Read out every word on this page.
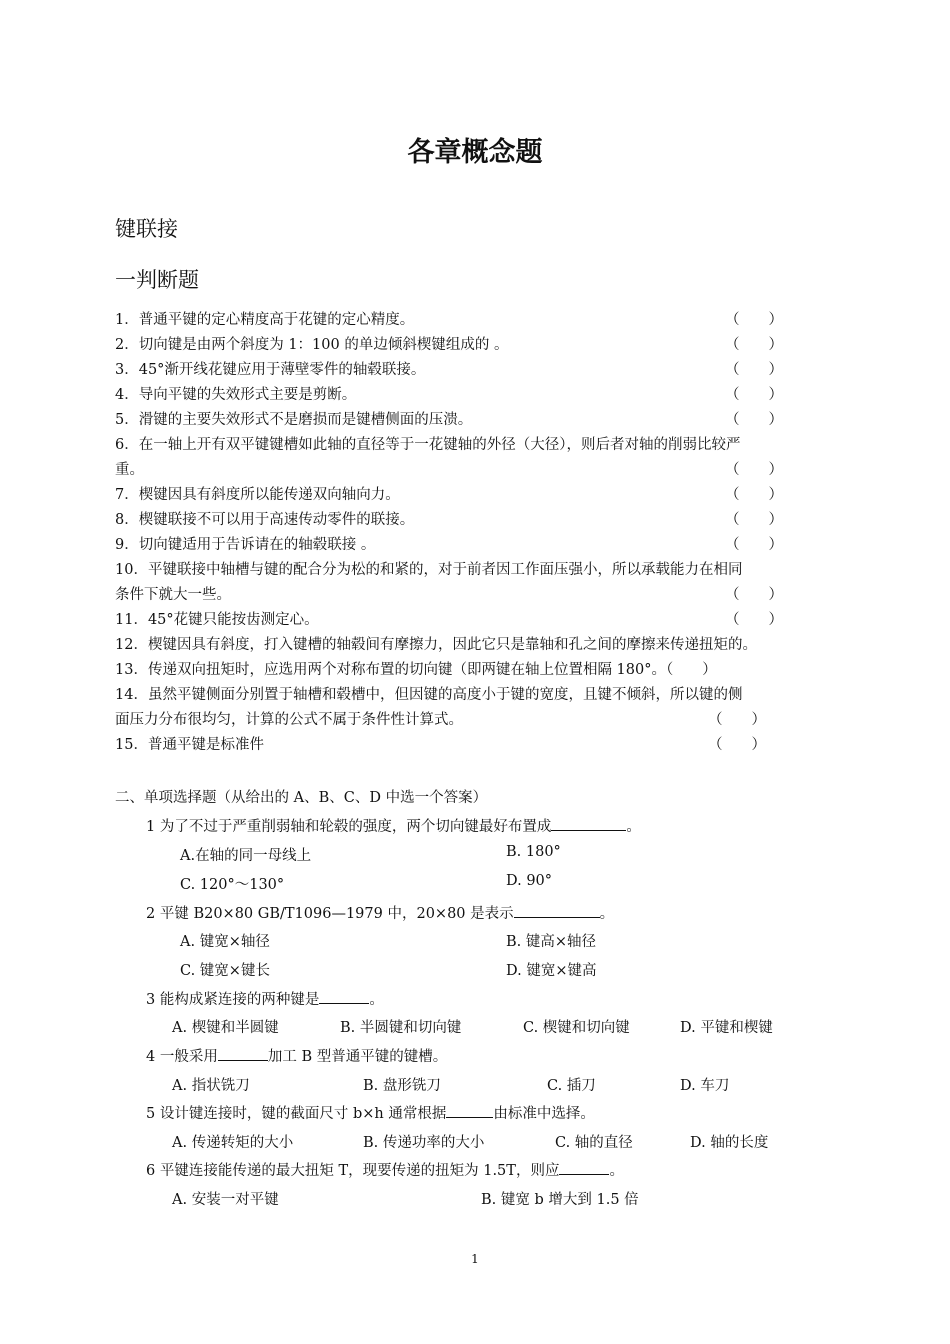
各章概念题
键联接
一判断题
1．普通平键的定心精度高于花键的定心精度。	（　　）
2．切向键是由两个斜度为 1：100 的单边倾斜楔键组成的 。	（　　）
3．45°渐开线花键应用于薄壁零件的轴毂联接。	（　　）
4．导向平键的失效形式主要是剪断。	（　　）
5．滑键的主要失效形式不是磨损而是键槽侧面的压溃。	（　　）
6．在一轴上开有双平键键槽如此轴的直径等于一花键轴的外径（大径），则后者对轴的削弱比较严
重。	（　　）
7．楔键因具有斜度所以能传递双向轴向力。	（　　）
8．楔键联接不可以用于高速传动零件的联接。	（　　）
9．切向键适用于告诉请在的轴毂联接 。	（　　）
10．平键联接中轴槽与键的配合分为松的和紧的，对于前者因工作面压强小，所以承载能力在相同
条件下就大一些。	（　　）
11．45°花键只能按齿测定心。	（　　）
12．楔键因具有斜度，打入键槽的轴毂间有摩擦力，因此它只是靠轴和孔之间的摩擦来传递扭矩的。
13．传递双向扭矩时，应选用两个对称布置的切向键（即两键在轴上位置相隔 180°。（　　）
14．虽然平键侧面分别置于轴槽和毂槽中，但因键的高度小于键的宽度，且键不倾斜，所以键的侧
面压力分布很均匀，计算的公式不属于条件性计算式。	（　　）
15．普通平键是标准件	（　　）
二、单项选择题（从给出的 A、B、C、D 中选一个答案）
1 为了不过于严重削弱轴和轮毂的强度，两个切向键最好布置成	。
A.在轴的同一母线上	B. 180°
C. 120°～130°	D. 90°
2 平键 B20×80 GB/T1096—1979 中，20×80 是表示	。
A. 键宽×轴径	B. 键高×轴径
C. 键宽×键长	D. 键宽×键高
3 能构成紧连接的两种键是	。
A. 楔键和半圆键	B. 半圆键和切向键	C. 楔键和切向键	D. 平键和楔键
4 一般采用	加工 B 型普通平键的键槽。
A. 指状铣刀	B. 盘形铣刀	C. 插刀	D. 车刀
5 设计键连接时，键的截面尺寸 b×h 通常根据	由标准中选择。
A. 传递转矩的大小	B. 传递功率的大小	C. 轴的直径	D. 轴的长度
6 平键连接能传递的最大扭矩 T，现要传递的扭矩为 1.5T，则应	。
A. 安装一对平键	B. 键宽 b 增大到 1.5 倍
1
